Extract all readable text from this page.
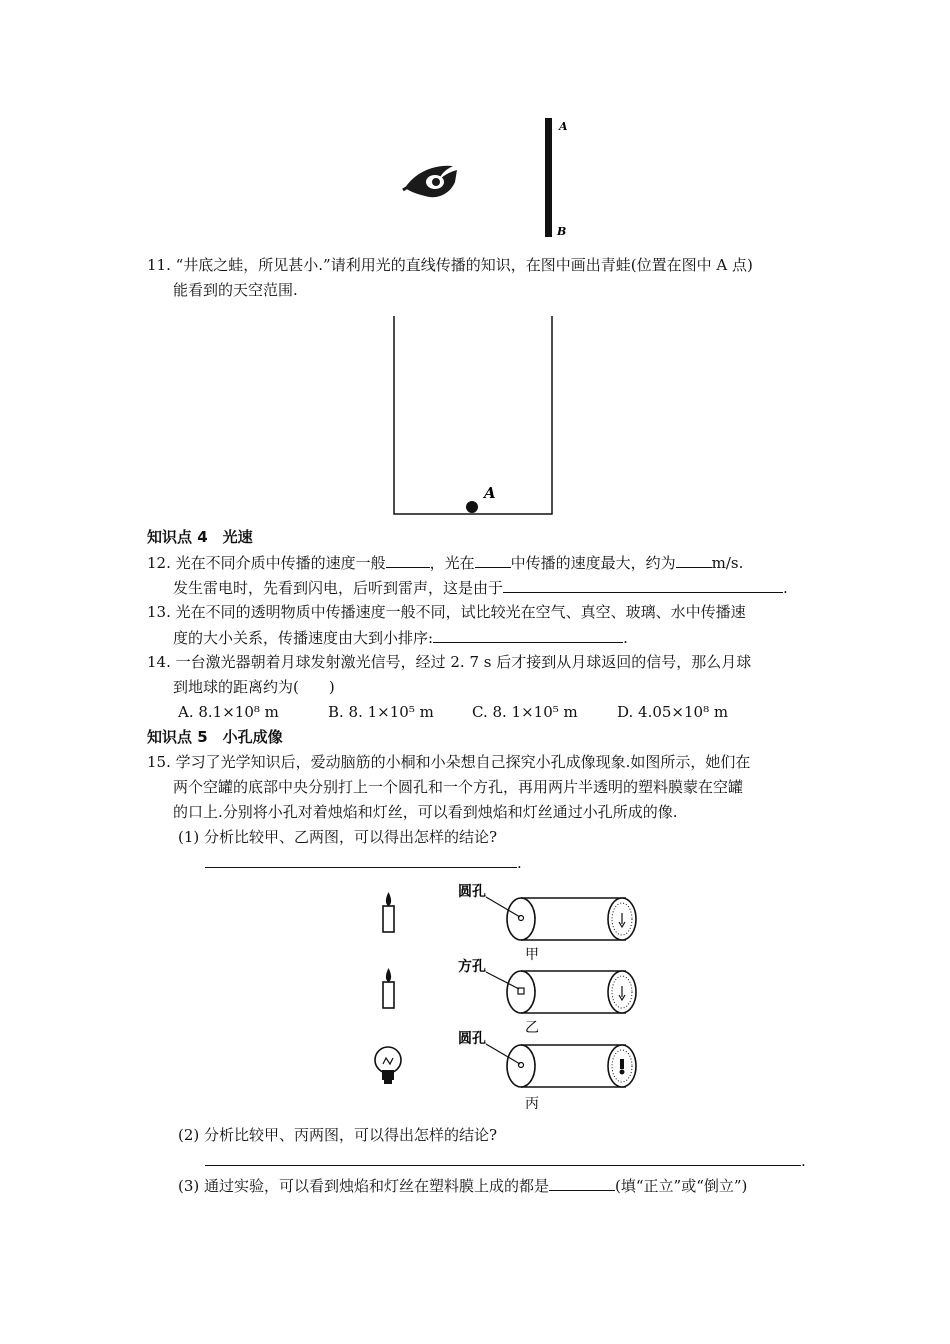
A
B
11. “井底之蛙，所见甚小.”请利用光的直线传播的知识，在图中画出青蛙(位置在图中 A 点)
能看到的天空范围.
A
知识点 4　光速
12. 光在不同介质中传播的速度一般	，光在 中传播的速度最大，约为 m/s.
发生雷电时，先看到闪电，后听到雷声，这是由于	.
13. 光在不同的透明物质中传播速度一般不同，试比较光在空气、真空、玻璃、水中传播速
度的大小关系，传播速度由大到小排序:	.
14. 一台激光器朝着月球发射激光信号，经过 2. 7 s 后才接到从月球返回的信号，那么月球
到地球的距离约为(　　)
A. 8.1×10⁸ m	B. 8. 1×10⁵ m	C. 8. 1×10⁵ m	D. 4.05×10⁸ m
知识点 5　小孔成像
15. 学习了光学知识后，爱动脑筋的小桐和小朵想自己探究小孔成像现象.如图所示，她们在
两个空罐的底部中央分别打上一个圆孔和一个方孔，再用两片半透明的塑料膜蒙在空罐
的口上.分别将小孔对着烛焰和灯丝，可以看到烛焰和灯丝通过小孔所成的像.
(1) 分析比较甲、乙两图，可以得出怎样的结论?
.
圆孔
甲
方孔
乙
圆孔
丙
(2) 分析比较甲、丙两图，可以得出怎样的结论?
.
(3) 通过实验，可以看到烛焰和灯丝在塑料膜上成的都是	(填“正立”或“倒立”)
